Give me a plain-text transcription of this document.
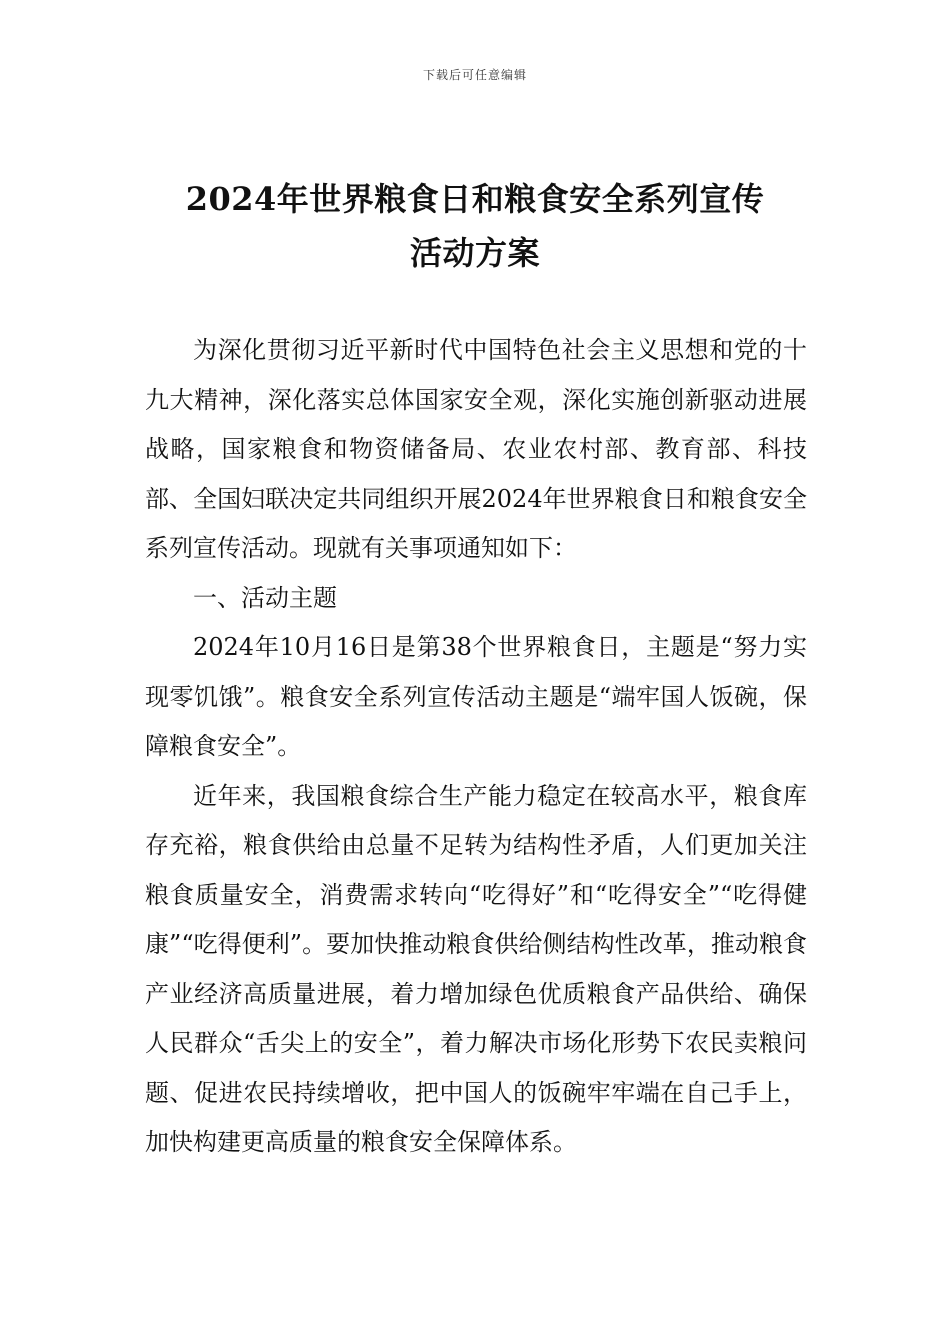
下载后可任意编辑
2024年世界粮食日和粮食安全系列宣传
活动方案

为深化贯彻习近平新时代中国特色社会主义思想和党的十九大精神，深化落实总体国家安全观，深化实施创新驱动进展战略，国家粮食和物资储备局、农业农村部、教育部、科技部、全国妇联决定共同组织开展2024年世界粮食日和粮食安全系列宣传活动。现就有关事项通知如下：

一、活动主题

2024年10月16日是第38个世界粮食日，主题是“努力实现零饥饿”。粮食安全系列宣传活动主题是“端牢国人饭碗，保障粮食安全”。

近年来，我国粮食综合生产能力稳定在较高水平，粮食库存充裕，粮食供给由总量不足转为结构性矛盾，人们更加关注粮食质量安全，消费需求转向“吃得好”和“吃得安全”“吃得健康”“吃得便利”。要加快推动粮食供给侧结构性改革，推动粮食产业经济高质量进展，着力增加绿色优质粮食产品供给、确保人民群众“舌尖上的安全”，着力解决市场化形势下农民卖粮问题、促进农民持续增收，把中国人的饭碗牢牢端在自己手上，加快构建更高质量的粮食安全保障体系。
